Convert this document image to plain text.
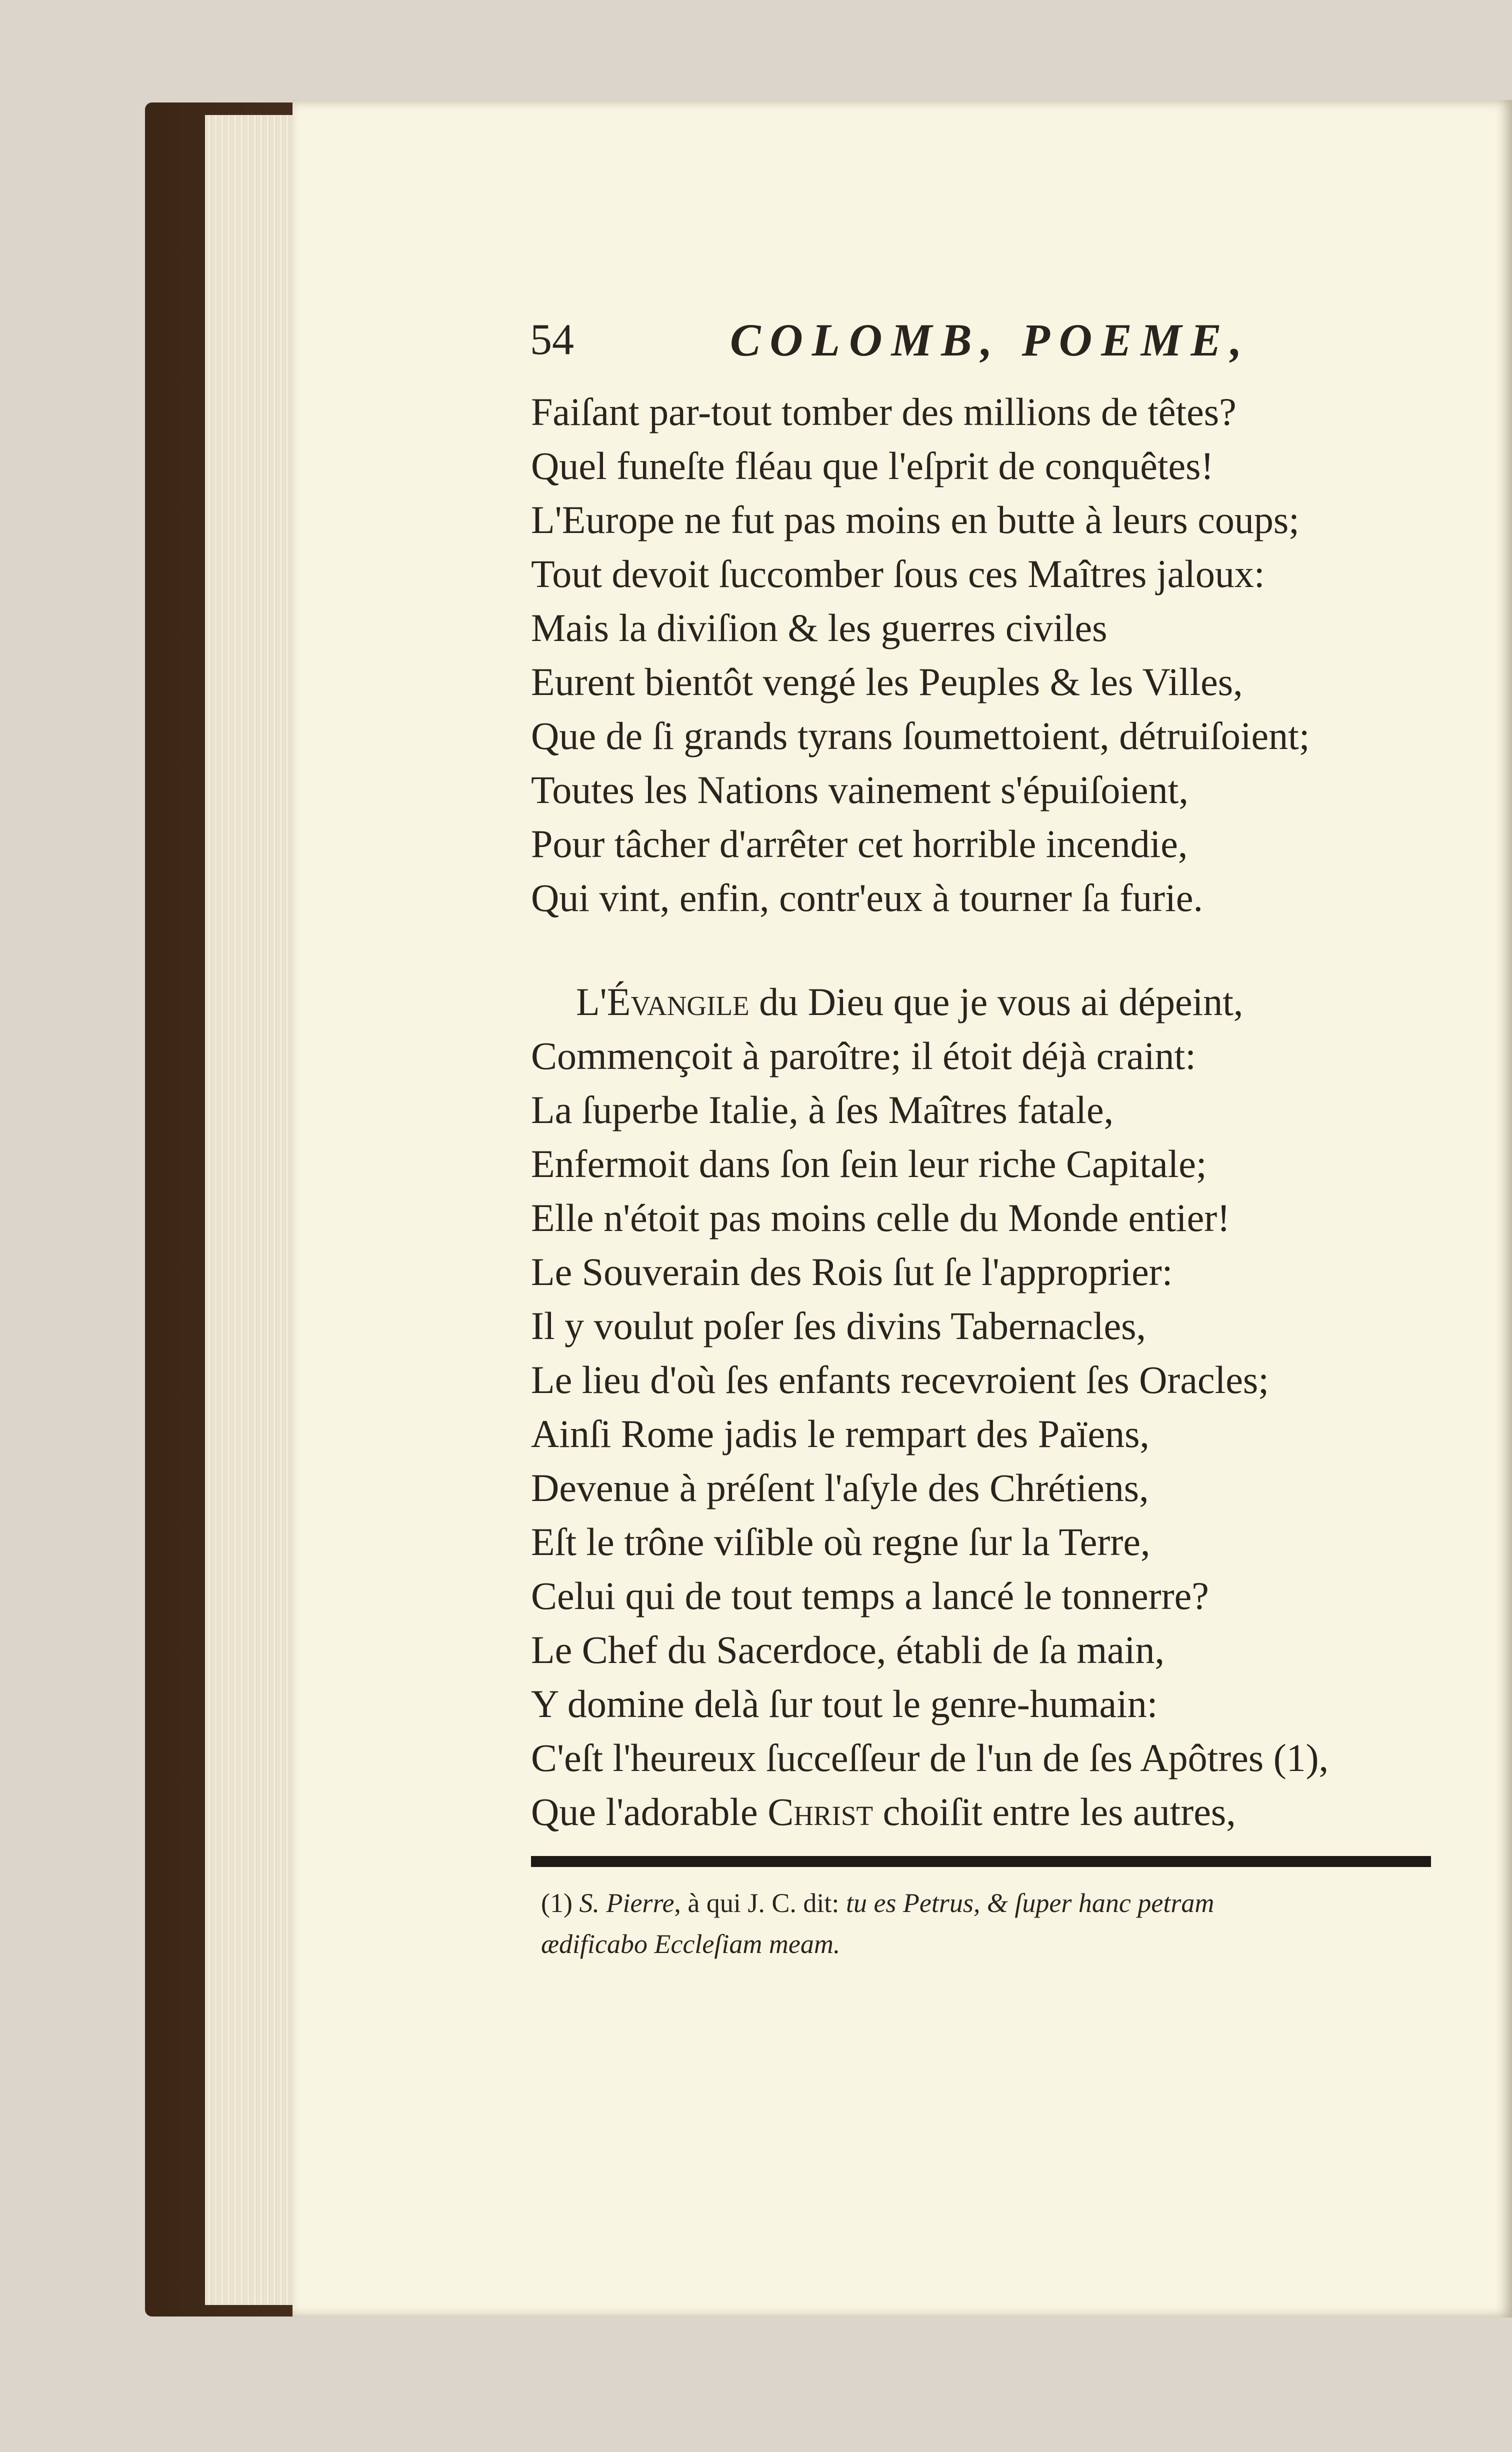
54	COLOMB, POEME,
Faiſant par-tout tomber des millions de têtes?
Quel funeſte fléau que l'eſprit de conquêtes!
L'Europe ne fut pas moins en butte à leurs coups;
Tout devoit ſuccomber ſous ces Maîtres jaloux:
Mais la diviſion & les guerres civiles
Eurent bientôt vengé les Peuples & les Villes,
Que de ſi grands tyrans ſoumettoient, détruiſoient;
Toutes les Nations vainement s'épuiſoient,
Pour tâcher d'arrêter cet horrible incendie,
Qui vint, enfin, contr'eux à tourner ſa furie.
L'Évangile du Dieu que je vous ai dépeint,
Commençoit à paroître; il étoit déjà craint:
La ſuperbe Italie, à ſes Maîtres fatale,
Enfermoit dans ſon ſein leur riche Capitale;
Elle n'étoit pas moins celle du Monde entier!
Le Souverain des Rois ſut ſe l'approprier:
Il y voulut poſer ſes divins Tabernacles,
Le lieu d'où ſes enfants recevroient ſes Oracles;
Ainſi Rome jadis le rempart des Païens,
Devenue à préſent l'aſyle des Chrétiens,
Eſt le trône viſible où regne ſur la Terre,
Celui qui de tout temps a lancé le tonnerre?
Le Chef du Sacerdoce, établi de ſa main,
Y domine delà ſur tout le genre-humain:
C'eſt l'heureux ſucceſſeur de l'un de ſes Apôtres (1),
Que l'adorable Christ choiſit entre les autres,
(1) S. Pierre, à qui J. C. dit: tu es Petrus, & ſuper hanc petram
ædificabo Eccleſiam meam.
